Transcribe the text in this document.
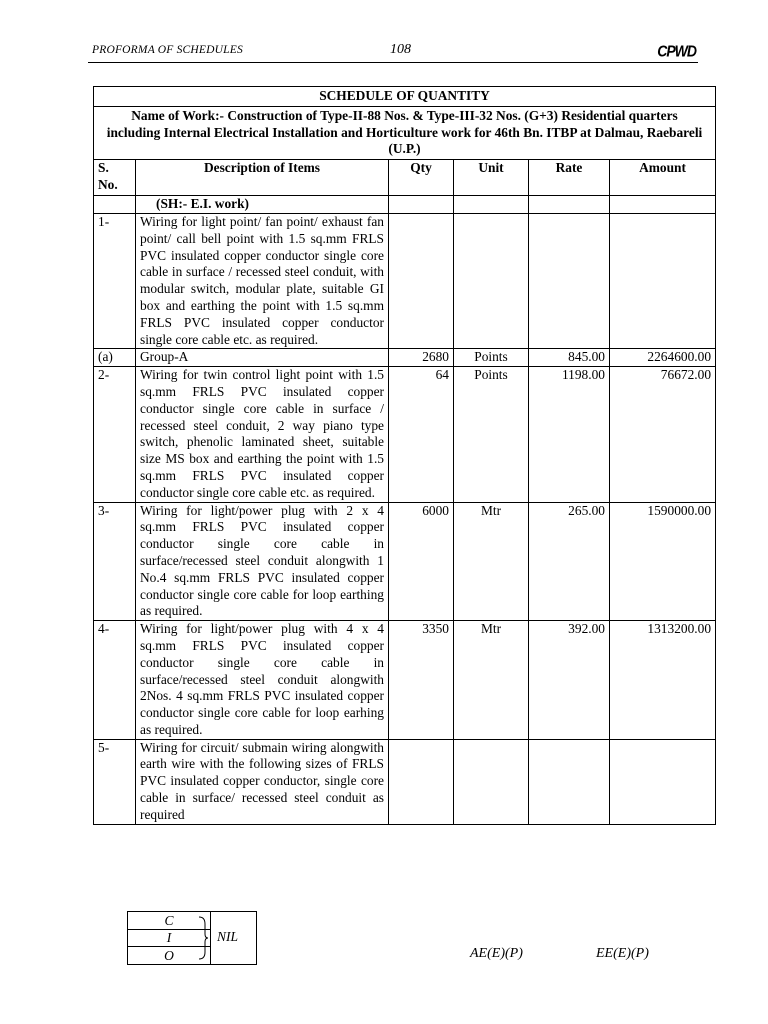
PROFORMA OF SCHEDULES	108	CPWD
SCHEDULE OF QUANTITY					
Name of Work:- Construction of Type-II-88 Nos. & Type-III-32 Nos. (G+3) Residential quarters including Internal Electrical Installation and Horticulture work for 46th Bn. ITBP at Dalmau, Raebareli (U.P.)					
S. No.	Description of Items	Qty	Unit	Rate	Amount
	(SH:- E.I. work)				
1-	Wiring for light point/ fan point/ exhaust fan point/ call bell point with 1.5 sq.mm FRLS PVC insulated copper conductor single core cable in surface / recessed steel conduit, with modular switch, modular plate, suitable GI box and earthing the point with 1.5 sq.mm FRLS PVC insulated copper conductor single core cable etc. as required.				
(a)	Group-A	2680	Points	845.00	2264600.00
2-	Wiring for twin control light point with 1.5 sq.mm FRLS PVC insulated copper conductor single core cable in surface / recessed steel conduit, 2 way piano type switch, phenolic laminated sheet, suitable size MS box and earthing the point with 1.5 sq.mm FRLS PVC insulated copper conductor single core cable etc. as required.	64	Points	1198.00	76672.00
3-	Wiring for light/power plug with 2 x 4 sq.mm FRLS PVC insulated copper conductor single core cable in surface/recessed steel conduit alongwith 1 No.4 sq.mm FRLS PVC insulated copper conductor single core cable for loop earthing as required.	6000	Mtr	265.00	1590000.00
4-	Wiring for light/power plug with 4 x 4 sq.mm FRLS PVC insulated copper conductor single core cable in surface/recessed steel conduit alongwith 2Nos. 4 sq.mm FRLS PVC insulated copper conductor single core cable for loop earhing as required.	3350	Mtr	392.00	1313200.00
5-	Wiring for circuit/ submain wiring alongwith earth wire with the following sizes of FRLS PVC insulated copper conductor, single core cable in surface/ recessed steel conduit as required				
C
I
O
NIL
AE(E)(P)	EE(E)(P)
